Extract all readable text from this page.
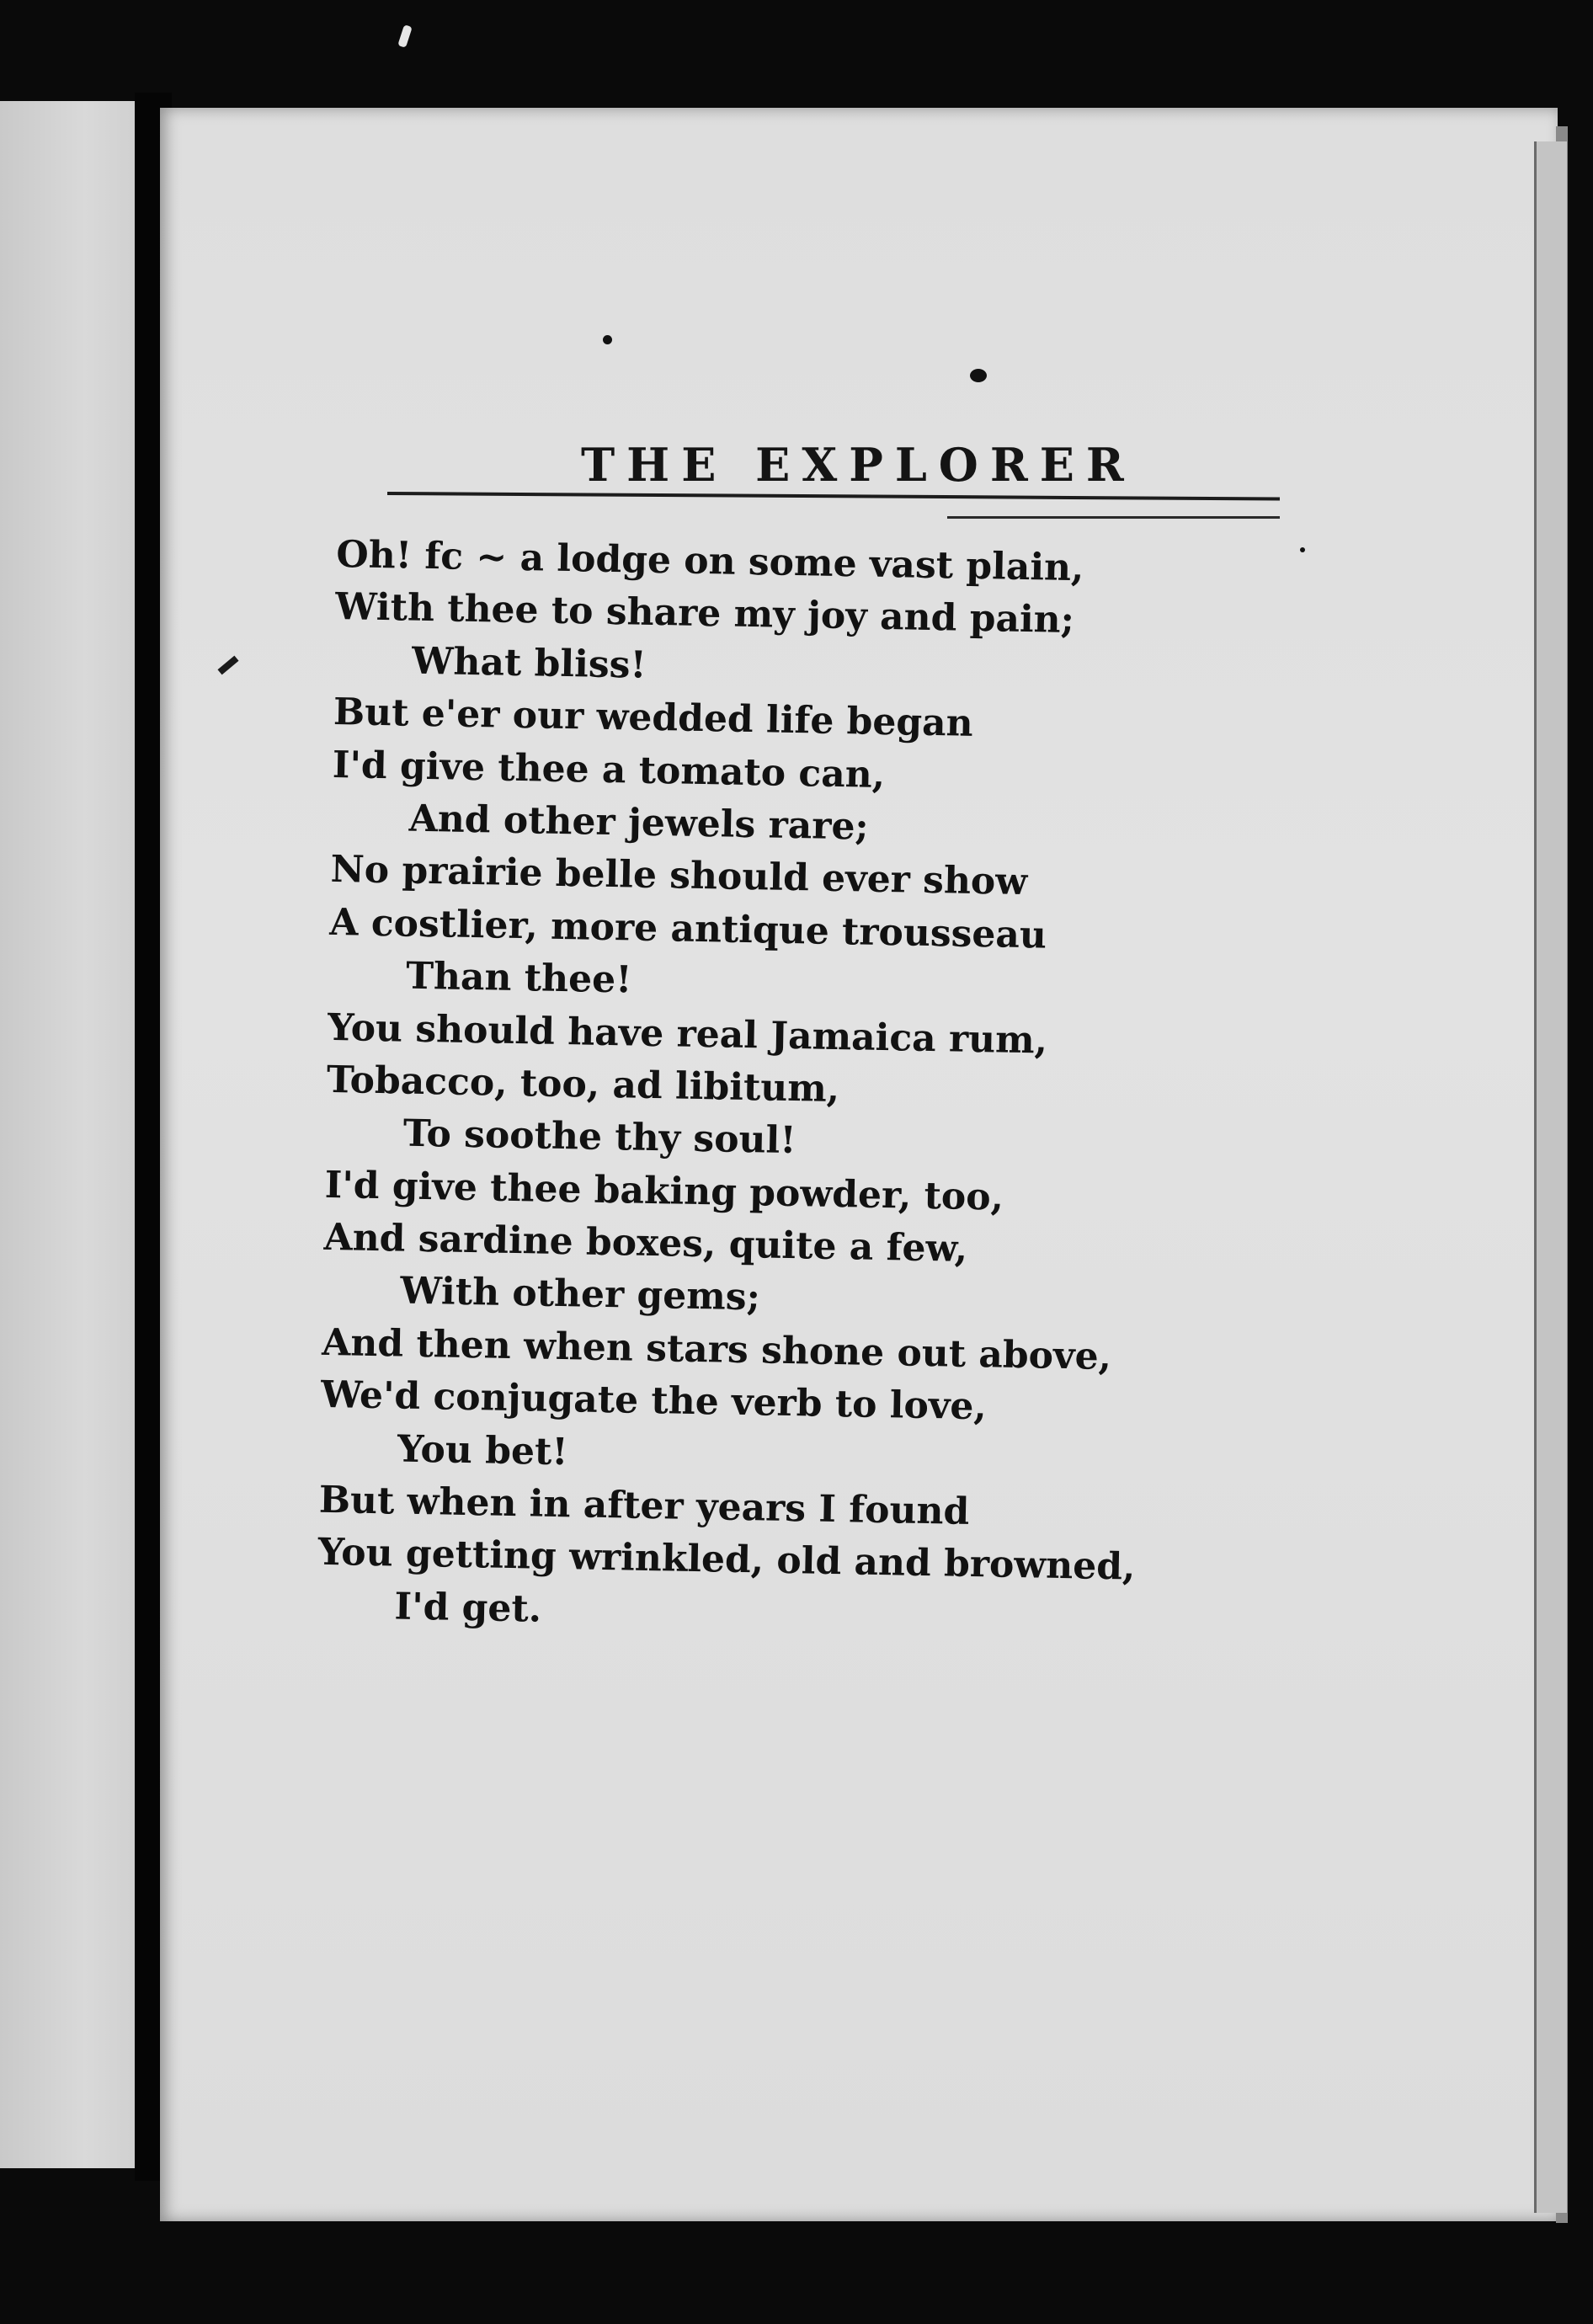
THE EXPLORER
Oh! fc ~ a lodge on some vast plain,
With thee to share my joy and pain;
What bliss!
But e'er our wedded life began
I'd give thee a tomato can,
And other jewels rare;
No prairie belle should ever show
A costlier, more antique trousseau
Than thee!
You should have real Jamaica rum,
Tobacco, too, ad libitum,
To soothe thy soul!
I'd give thee baking powder, too,
And sardine boxes, quite a few,
With other gems;
And then when stars shone out above,
We'd conjugate the verb to love,
You bet!
But when in after years I found
You getting wrinkled, old and browned,
I'd get.
